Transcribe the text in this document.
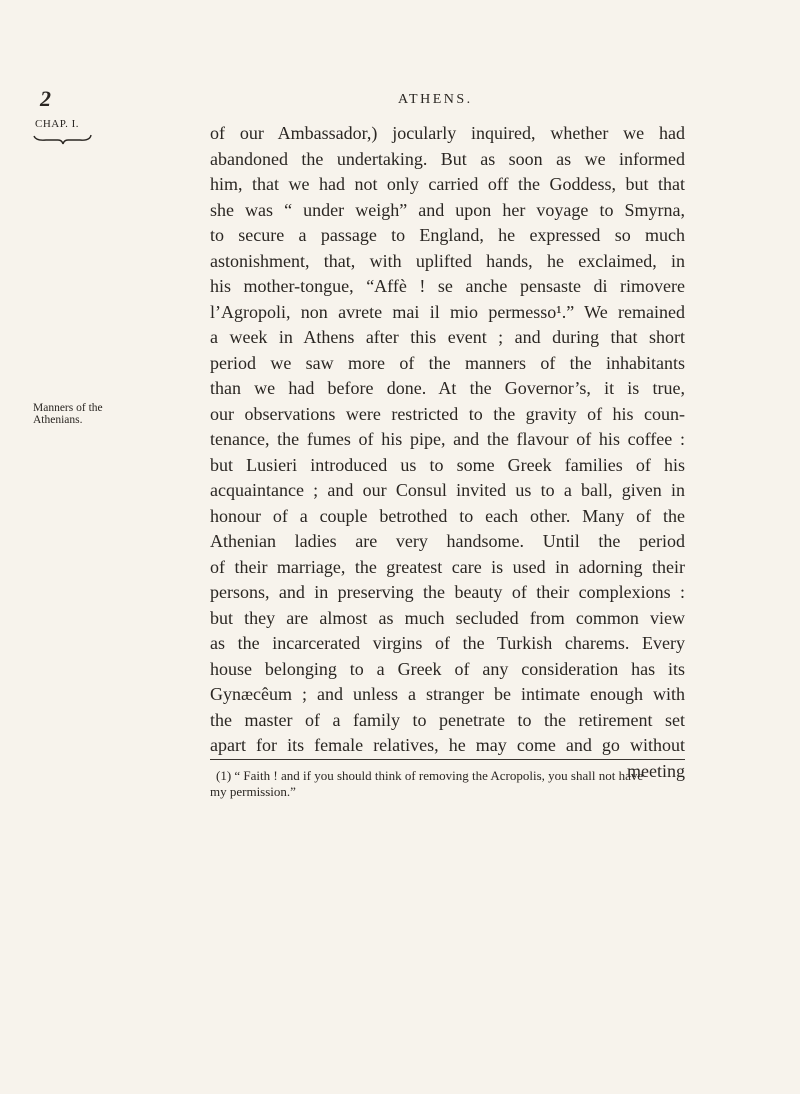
2	ATHENS.
CHAP. I.
Manners of the
Athenians.
of our Ambassador,) jocularly inquired, whether we had
abandoned the undertaking. But as soon as we informed
him, that we had not only carried off the Goddess, but that
she was “ under weigh” and upon her voyage to Smyrna,
to secure a passage to England, he expressed so much
astonishment, that, with uplifted hands, he exclaimed, in
his mother-tongue, “Affè ! se anche pensaste di rimovere
l’Agropoli, non avrete mai il mio permesso¹.” We remained
a week in Athens after this event ; and during that short
period we saw more of the manners of the inhabitants
than we had before done. At the Governor’s, it is true,
our observations were restricted to the gravity of his coun-
tenance, the fumes of his pipe, and the flavour of his coffee :
but Lusieri introduced us to some Greek families of his
acquaintance ; and our Consul invited us to a ball, given in
honour of a couple betrothed to each other. Many of the
Athenian ladies are very handsome. Until the period
of their marriage, the greatest care is used in adorning their
persons, and in preserving the beauty of their complexions :
but they are almost as much secluded from common view
as the incarcerated virgins of the Turkish charems. Every
house belonging to a Greek of any consideration has its
Gynæcêum ; and unless a stranger be intimate enough with
the master of a family to penetrate to the retirement set
apart for its female relatives, he may come and go without
meeting
(1) “ Faith ! and if you should think of removing the Acropolis, you shall not have
my permission.”
